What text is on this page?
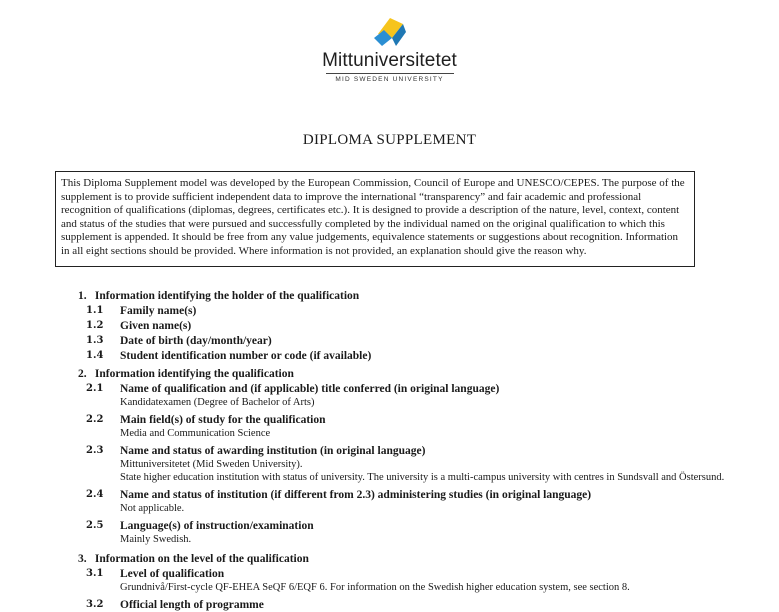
Mittuniversitetet
MID SWEDEN UNIVERSITY
DIPLOMA SUPPLEMENT
This Diploma Supplement model was developed by the European Commission, Council of Europe and UNESCO/CEPES. The purpose of the supplement is to provide sufficient independent data to improve the international “transparency” and fair academic and professional recognition of qualifications (diplomas, degrees, certificates etc.). It is designed to provide a description of the nature, level, context, content and status of the studies that were pursued and successfully completed by the individual named on the original qualification to which this supplement is appended. It should be free from any value judgements, equivalence statements or suggestions about recognition. Information in all eight sections should be provided. Where information is not provided, an explanation should give the reason why.
1. Information identifying the holder of the qualification
1.1 Family name(s)
1.2 Given name(s)
1.3 Date of birth (day/month/year)
1.4 Student identification number or code (if available)
2. Information identifying the qualification
2.1 Name of qualification and (if applicable) title conferred (in original language)
Kandidatexamen (Degree of Bachelor of Arts)
2.2 Main field(s) of study for the qualification
Media and Communication Science
2.3 Name and status of awarding institution (in original language)
Mittuniversitetet (Mid Sweden University).
State higher education institution with status of university. The university is a multi-campus university with centres in Sundsvall and Östersund.
2.4 Name and status of institution (if different from 2.3) administering studies (in original language)
Not applicable.
2.5 Language(s) of instruction/examination
Mainly Swedish.
3. Information on the level of the qualification
3.1 Level of qualification
Grundnivå/First-cycle QF-EHEA SeQF 6/EQF 6. For information on the Swedish higher education system, see section 8.
3.2 Official length of programme
